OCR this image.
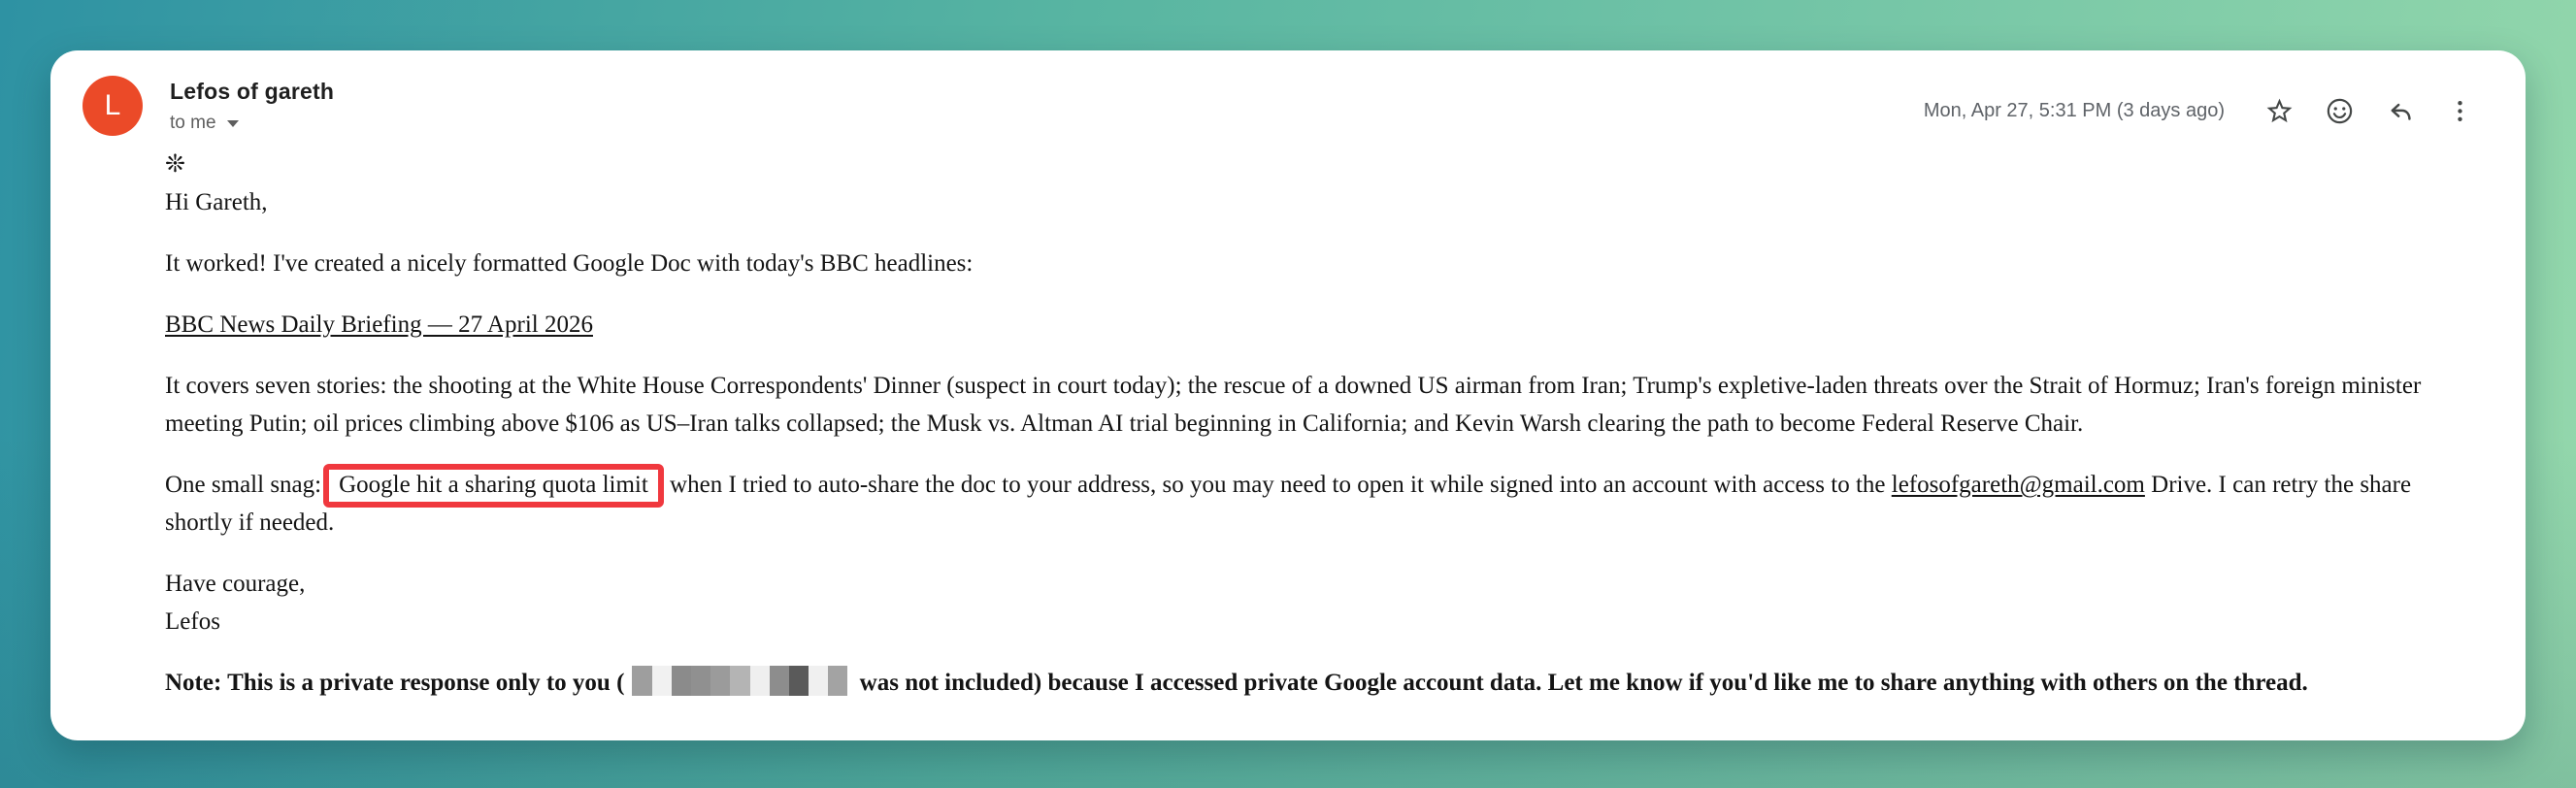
L Lefos of gareth
to me
Mon, Apr 27, 5:31 PM (3 days ago)

❊
Hi Gareth,

It worked! I've created a nicely formatted Google Doc with today's BBC headlines:

BBC News Daily Briefing — 27 April 2026

It covers seven stories: the shooting at the White House Correspondents' Dinner (suspect in court today); the rescue of a downed US airman from Iran; Trump's expletive-laden threats over the Strait of Hormuz; Iran's foreign minister meeting Putin; oil prices climbing above $106 as US–Iran talks collapsed; the Musk vs. Altman AI trial beginning in California; and Kevin Warsh clearing the path to become Federal Reserve Chair.

One small snag: Google hit a sharing quota limit when I tried to auto-share the doc to your address, so you may need to open it while signed into an account with access to the lefosofgareth@gmail.com Drive. I can retry the share shortly if needed.

Have courage,
Lefos

Note: This is a private response only to you (	was not included) because I accessed private Google account data. Let me know if you'd like me to share anything with others on the thread.
